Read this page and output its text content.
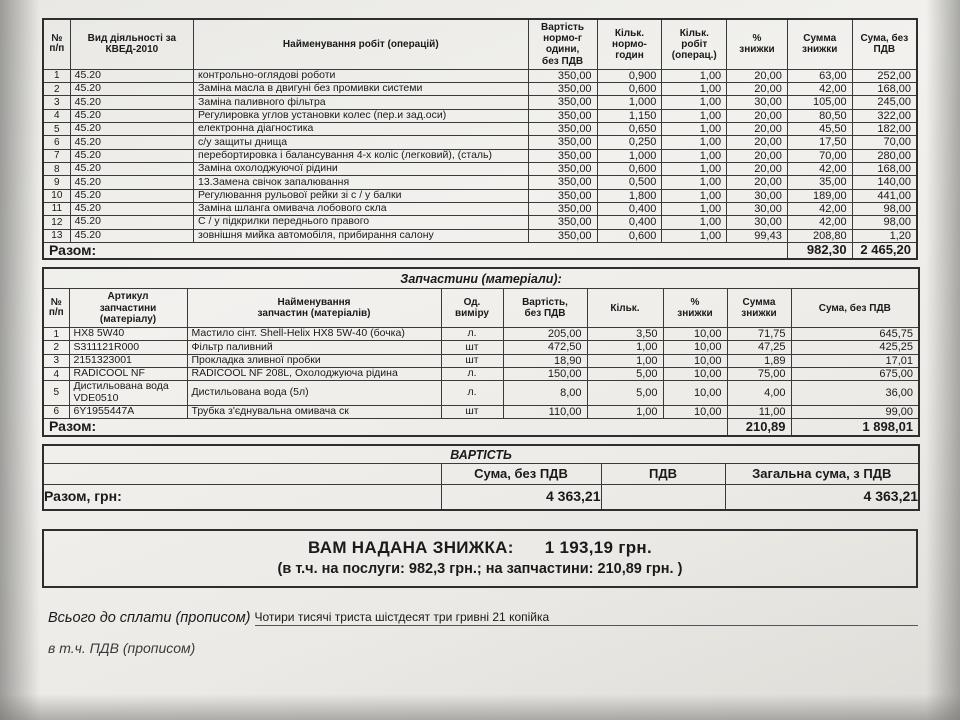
№
п/п	Вид діяльності за
КВЕД-2010	Найменування робіт (операцій)	Вартість
нормо-г
одини,
без ПДВ	Кільк.
нормо-
годин	Кільк.
робіт
(операц.)	%
знижки	Сумма
знижки	Сума, без
ПДВ
1	45.20	контрольно-оглядові роботи	350,00	0,900	1,00	20,00	63,00	252,00
2	45.20	Заміна масла в двигуні без промивки системи	350,00	0,600	1,00	20,00	42,00	168,00
3	45.20	Заміна паливного фільтра	350,00	1,000	1,00	30,00	105,00	245,00
4	45.20	Регулировка углов установки колес (пер.и зад.оси)	350,00	1,150	1,00	20,00	80,50	322,00
5	45.20	електронна діагностика	350,00	0,650	1,00	20,00	45,50	182,00
6	45.20	с/у защиты днища	350,00	0,250	1,00	20,00	17,50	70,00
7	45.20	перебортировка і балансування 4-х коліс (легковий), (сталь)	350,00	1,000	1,00	20,00	70,00	280,00
8	45.20	Заміна охолоджуючої рідини	350,00	0,600	1,00	20,00	42,00	168,00
9	45.20	13.Замена свічок запалювання	350,00	0,500	1,00	20,00	35,00	140,00
10	45.20	Регулювання рульової рейки зі с / у балки	350,00	1,800	1,00	30,00	189,00	441,00
11	45.20	Заміна шланга омивача лобового скла	350,00	0,400	1,00	30,00	42,00	98,00
12	45.20	С / у підкрилки переднього правого	350,00	0,400	1,00	30,00	42,00	98,00
13	45.20	зовнішня мийка автомобіля, прибирання салону	350,00	0,600	1,00	99,43	208,80	1,20
Разом:							982,30	2 465,20
Запчастини (матеріали):								
№
п/п	Артикул
запчастини
(матеріалу)	Найменування
запчастин (матеріалів)	Од.
виміру	Вартість,
без ПДВ	Кільк.	%
знижки	Сумма
знижки	Сума, без ПДВ
1	HX8 5W40	Мастило сінт. Shell-Helix HX8 5W-40 (бочка)	л.	205,00	3,50	10,00	71,75	645,75
2	S311121R000	Фільтр паливний	шт	472,50	1,00	10,00	47,25	425,25
3	2151323001	Прокладка зливної пробки	шт	18,90	1,00	10,00	1,89	17,01
4	RADICOOL NF	RADICOOL NF 208L, Охолоджуюча рідина	л.	150,00	5,00	10,00	75,00	675,00
5	Дистильована вода VDE0510	Дистильована вода (5л)	л.	8,00	5,00	10,00	4,00	36,00
6	6Y1955447A	Трубка з'єднувальна омивача ск	шт	110,00	1,00	10,00	11,00	99,00
Разом:							210,89	1 898,01
ВАРТІСТЬ			
	Сума, без ПДВ	ПДВ	Загальна сума, з ПДВ
Разом, грн:	4 363,21		4 363,21
ВАМ НАДАНА ЗНИЖКА: 1 193,19 грн.
(в т.ч. на послуги: 982,3 грн.; на запчастини: 210,89 грн. )
Всього до сплати (прописом) Чотири тисячі триста шістдесят три гривні 21 копійка
в т.ч. ПДВ (прописом)
